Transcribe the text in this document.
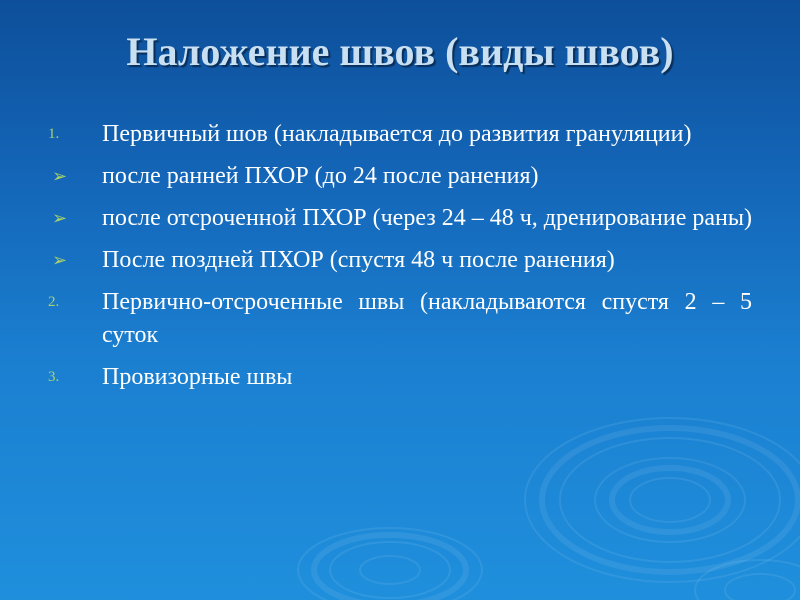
Наложение швов (виды швов)
1.	Первичный шов (накладывается до развития грануляции)
➢	после ранней ПХОР (до 24 после ранения)
➢	после отсроченной ПХОР (через 24 – 48 ч, дренирование раны)
➢	После поздней ПХОР (спустя 48 ч после ранения)
2.	Первично-отсроченные швы (накладываются спустя 2 – 5 суток
3.	Провизорные швы
